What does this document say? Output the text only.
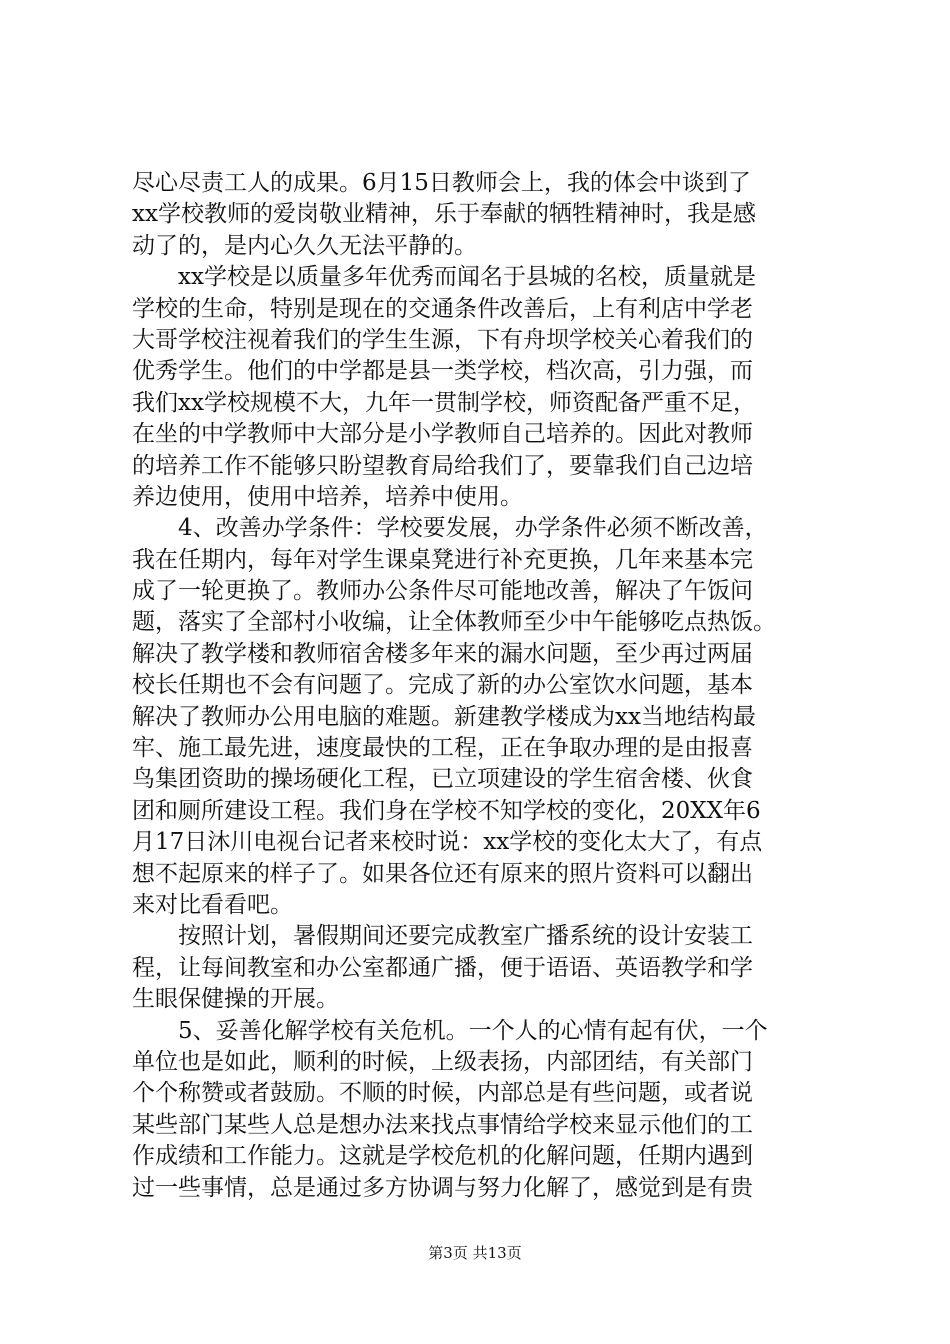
尽心尽责工人的成果。6月15日教师会上，我的体会中谈到了
xx学校教师的爱岗敬业精神，乐于奉献的牺牲精神时，我是感
动了的，是内心久久无法平静的。
　　xx学校是以质量多年优秀而闻名于县城的名校，质量就是
学校的生命，特别是现在的交通条件改善后，上有利店中学老
大哥学校注视着我们的学生生源，下有舟坝学校关心着我们的
优秀学生。他们的中学都是县一类学校，档次高，引力强，而
我们xx学校规模不大，九年一贯制学校，师资配备严重不足，
在坐的中学教师中大部分是小学教师自己培养的。因此对教师
的培养工作不能够只盼望教育局给我们了，要靠我们自己边培
养边使用，使用中培养，培养中使用。
　　4、改善办学条件：学校要发展，办学条件必须不断改善，
我在任期内，每年对学生课桌凳进行补充更换，几年来基本完
成了一轮更换了。教师办公条件尽可能地改善，解决了午饭问
题，落实了全部村小收编，让全体教师至少中午能够吃点热饭。
解决了教学楼和教师宿舍楼多年来的漏水问题，至少再过两届
校长任期也不会有问题了。完成了新的办公室饮水问题，基本
解决了教师办公用电脑的难题。新建教学楼成为xx当地结构最
牢、施工最先进，速度最快的工程，正在争取办理的是由报喜
鸟集团资助的操场硬化工程，已立项建设的学生宿舍楼、伙食
团和厕所建设工程。我们身在学校不知学校的变化，20XX年6
月17日沐川电视台记者来校时说：xx学校的变化太大了，有点
想不起原来的样子了。如果各位还有原来的照片资料可以翻出
来对比看看吧。
　　按照计划，暑假期间还要完成教室广播系统的设计安装工
程，让每间教室和办公室都通广播，便于语语、英语教学和学
生眼保健操的开展。
　　5、妥善化解学校有关危机。一个人的心情有起有伏，一个
单位也是如此，顺利的时候，上级表扬，内部团结，有关部门
个个称赞或者鼓励。不顺的时候，内部总是有些问题，或者说
某些部门某些人总是想办法来找点事情给学校来显示他们的工
作成绩和工作能力。这就是学校危机的化解问题，任期内遇到
过一些事情，总是通过多方协调与努力化解了，感觉到是有贵
第3页 共13页
